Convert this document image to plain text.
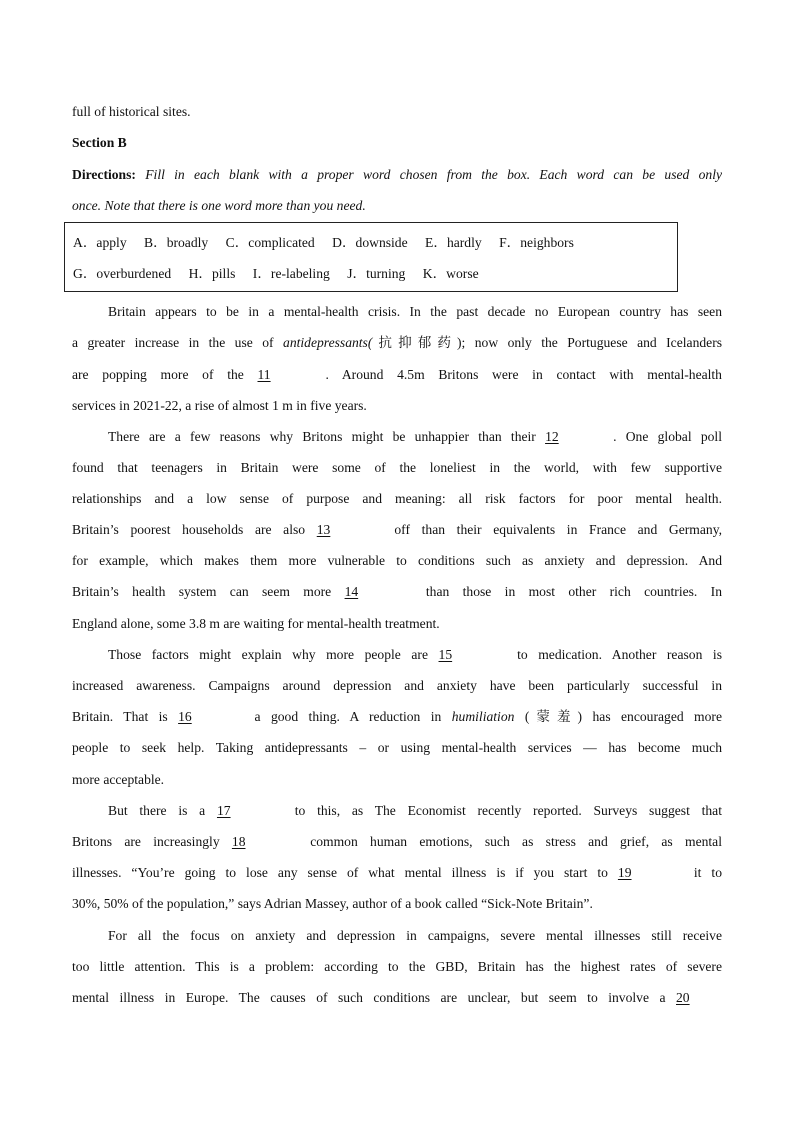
full of historical sites.
Section B
Directions: Fill in each blank with a proper word chosen from the box. Each word can be used only
once. Note that there is one word more than you need.
A．apply B．broadly C．complicated D．downside E．hardly F．neighbors
G．overburdened H．pills I．re-labeling J．turning K．worse
Britain appears to be in a mental-health crisis. In the past decade no European country has seen
a greater increase in the use of antidepressants(抗抑郁药); now only the Portuguese and Icelanders
are popping more of the 11	. Around 4.5m Britons were in contact with mental-health
services in 2021-22, a rise of almost 1 m in five years.
There are a few reasons why Britons might be unhappier than their 12	. One global poll
found that teenagers in Britain were some of the loneliest in the world, with few supportive
relationships and a low sense of purpose and meaning: all risk factors for poor mental health.
Britain’s poorest households are also 13	off than their equivalents in France and Germany,
for example, which makes them more vulnerable to conditions such as anxiety and depression. And
Britain’s health system can seem more 14	than those in most other rich countries. In
England alone, some 3.8 m are waiting for mental-health treatment.
Those factors might explain why more people are 15	to medication. Another reason is
increased awareness. Campaigns around depression and anxiety have been particularly successful in
Britain. That is 16	a good thing. A reduction in humiliation (蒙羞) has encouraged more
people to seek help. Taking antidepressants – or using mental-health services — has become much
more acceptable.
But there is a 17	to this, as The Economist recently reported. Surveys suggest that
Britons are increasingly 18	common human emotions, such as stress and grief, as mental
illnesses. “You’re going to lose any sense of what mental illness is if you start to 19	it to
30%, 50% of the population,” says Adrian Massey, author of a book called “Sick-Note Britain”.
For all the focus on anxiety and depression in campaigns, severe mental illnesses still receive
too little attention. This is a problem: according to the GBD, Britain has the highest rates of severe
mental illness in Europe. The causes of such conditions are unclear, but seem to involve a 20
